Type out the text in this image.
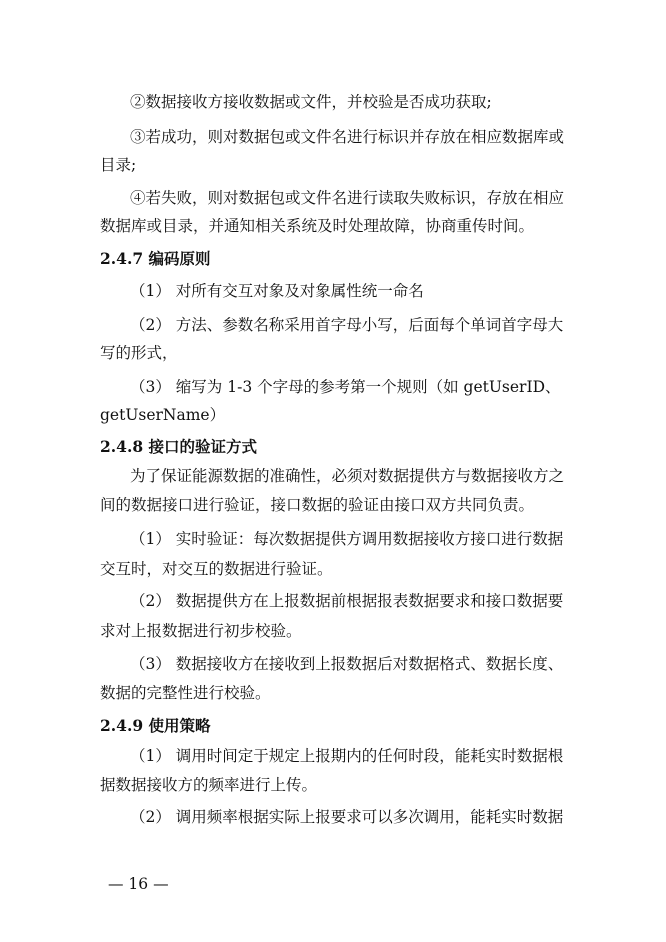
②数据接收方接收数据或文件，并校验是否成功获取;
③若成功，则对数据包或文件名进行标识并存放在相应数据库或
目录;
④若失败，则对数据包或文件名进行读取失败标识，存放在相应
数据库或目录，并通知相关系统及时处理故障，协商重传时间。
2.4.7 编码原则
（1） 对所有交互对象及对象属性统一命名
（2） 方法、参数名称采用首字母小写，后面每个单词首字母大
写的形式，
（3） 缩写为 1-3 个字母的参考第一个规则（如 getUserID、
getUserName）
2.4.8 接口的验证方式
为了保证能源数据的准确性，必须对数据提供方与数据接收方之
间的数据接口进行验证，接口数据的验证由接口双方共同负责。
（1） 实时验证：每次数据提供方调用数据接收方接口进行数据
交互时，对交互的数据进行验证。
（2） 数据提供方在上报数据前根据报表数据要求和接口数据要
求对上报数据进行初步校验。
（3） 数据接收方在接收到上报数据后对数据格式、数据长度、
数据的完整性进行校验。
2.4.9 使用策略
（1） 调用时间定于规定上报期内的任何时段，能耗实时数据根
据数据接收方的频率进行上传。
（2） 调用频率根据实际上报要求可以多次调用，能耗实时数据
— 16 —
